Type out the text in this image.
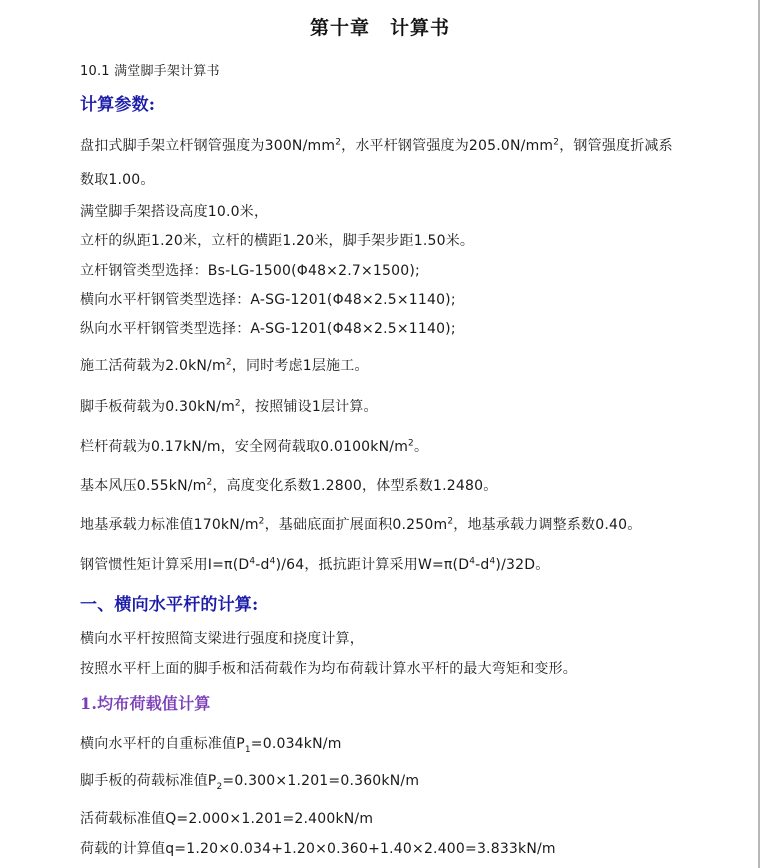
第十章　计算书
10.1 满堂脚手架计算书
计算参数:
盘扣式脚手架立杆钢管强度为$300N/mm^2$，水平杆钢管强度为$205.0N/mm^2$，钢管强度折减系
数取1.00。
满堂脚手架搭设高度10.0米，
立杆的纵距1.20米，立杆的横距1.20米，脚手架步距1.50米。
立杆钢管类型选择：Bs-LG-1500(Φ48×2.7×1500);
横向水平杆钢管类型选择：A-SG-1201(Φ48×2.5×1140);
纵向水平杆钢管类型选择：A-SG-1201(Φ48×2.5×1140);
施工活荷载为$2.0kN/m^2$，同时考虑1层施工。
脚手板荷载为$0.30kN/m^2$，按照铺设1层计算。
栏杆荷载为0.17kN/m，安全网荷载取$0.0100kN/m^2$。
基本风压$0.55kN/m^2$，高度变化系数1.2800，体型系数1.2480。
地基承载力标准值$170kN/m^2$，基础底面扩展面积$0.250m^2$，地基承载力调整系数0.40。
钢管惯性矩计算采用$I=\pi(D^4-d^4)/64$，抵抗距计算采用$W=\pi(D^4-d^4)/32D$。
一、横向水平杆的计算:
横向水平杆按照简支梁进行强度和挠度计算，
按照水平杆上面的脚手板和活荷载作为均布荷载计算水平杆的最大弯矩和变形。
1.均布荷载值计算
横向水平杆的自重标准值$P_1=0.034kN/m$
脚手板的荷载标准值$P_2=0.300\times 1.201=0.360kN/m$
活荷载标准值Q=2.000×1.201=2.400kN/m
荷载的计算值q=1.20×0.034+1.20×0.360+1.40×2.400=3.833kN/m
